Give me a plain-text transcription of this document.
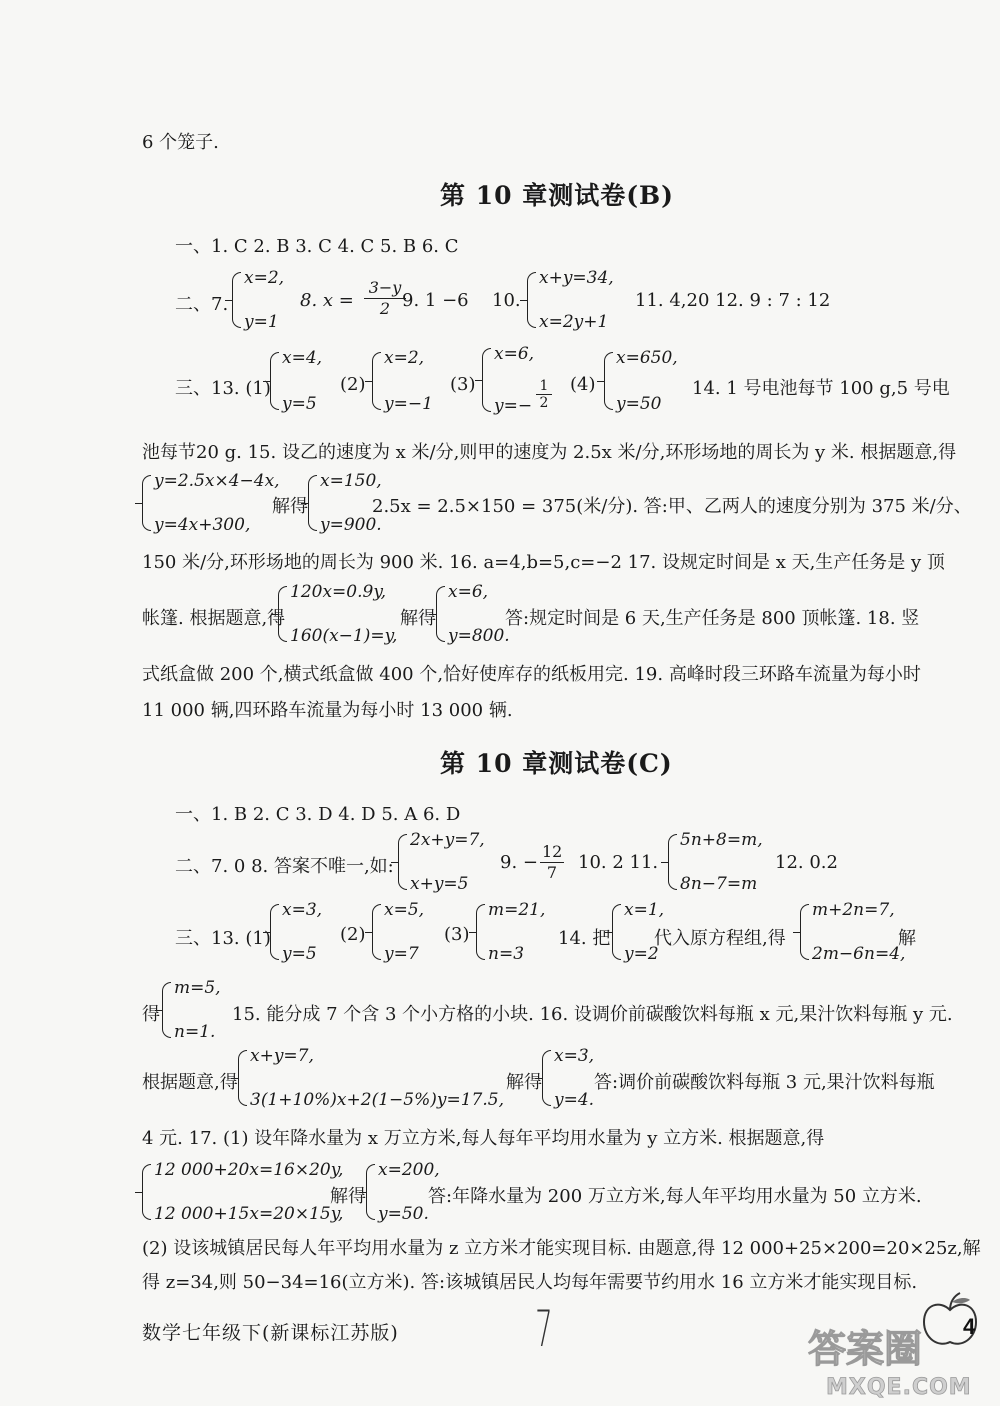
6 个笼子.
第 10 章测试卷(B)
一、1. C 2. B 3. C 4. C 5. B 6. C
二、7.
x=2,
y=1
8. $x = \frac{3-y}{2}$
9. 1 −6 10.
x+y=34,
x=2y+1
11. 4,20 12. 9 : 7 : 12
三、13. (1)
x=4,
y=5
(2)
x=2,
y=−1
(3)
x=6,
$y=- \frac{1}{2} (4)$
x=650,
y=50
14. 1 号电池每节 100 g,5 号电
池每节20 g. 15. 设乙的速度为 x 米/分,则甲的速度为 2.5x 米/分,环形场地的周长为 y 米. 根据题意,得
y=2.5x×4−4x,
y=4x+300,
解得
x=150,
y=900.
2.5x = 2.5×150 = 375(米/分). 答:甲、乙两人的速度分别为 375 米/分、
150 米/分,环形场地的周长为 900 米. 16. a=4,b=5,c=−2 17. 设规定时间是 x 天,生产任务是 y 顶
帐篷. 根据题意,得
120x=0.9y,
160(x−1)=y,
解得
x=6,
y=800.
答:规定时间是 6 天,生产任务是 800 顶帐篷. 18. 竖
式纸盒做 200 个,横式纸盒做 400 个,恰好使库存的纸板用完. 19. 高峰时段三环路车流量为每小时
11 000 辆,四环路车流量为每小时 13 000 辆.
第 10 章测试卷(C)
一、1. B 2. C 3. D 4. D 5. A 6. D
二、7. 0 8. 答案不唯一,如:
2x+y=7,
x+y=5
9. − $\frac{12}{7} 10$. 2 11.
5n+8=m,
8n−7=m
12. 0.2
三、13. (1)
x=3,
y=5
(2)
x=5,
y=7
(3)
m=21,
n=3
14. 把
x=1,
y=2
代入原方程组,得
m+2n=7,
2m−6n=4,
解
得
m=5,
n=1.
15. 能分成 7 个含 3 个小方格的小块. 16. 设调价前碳酸饮料每瓶 x 元,果汁饮料每瓶 y 元.
根据题意,得
x+y=7,
3(1+10%)x+2(1−5%)y=17.5,
解得
x=3,
y=4.
答:调价前碳酸饮料每瓶 3 元,果汁饮料每瓶
4 元. 17. (1) 设年降水量为 x 万立方米,每人每年平均用水量为 y 立方米. 根据题意,得
12 000+20x=16×20y,
12 000+15x=20×15y,
解得
x=200,
y=50.
答:年降水量为 200 万立方米,每人年平均用水量为 50 立方米.
(2) 设该城镇居民每人年平均用水量为 z 立方米才能实现目标. 由题意,得 12 000+25×200=20×25z,解
得 z=34,则 50−34=16(立方米). 答:该城镇居民人均每年需要节约用水 16 立方米才能实现目标.
数学七年级下(新课标江苏版)	7	4
答案圈
MXQE.COM
